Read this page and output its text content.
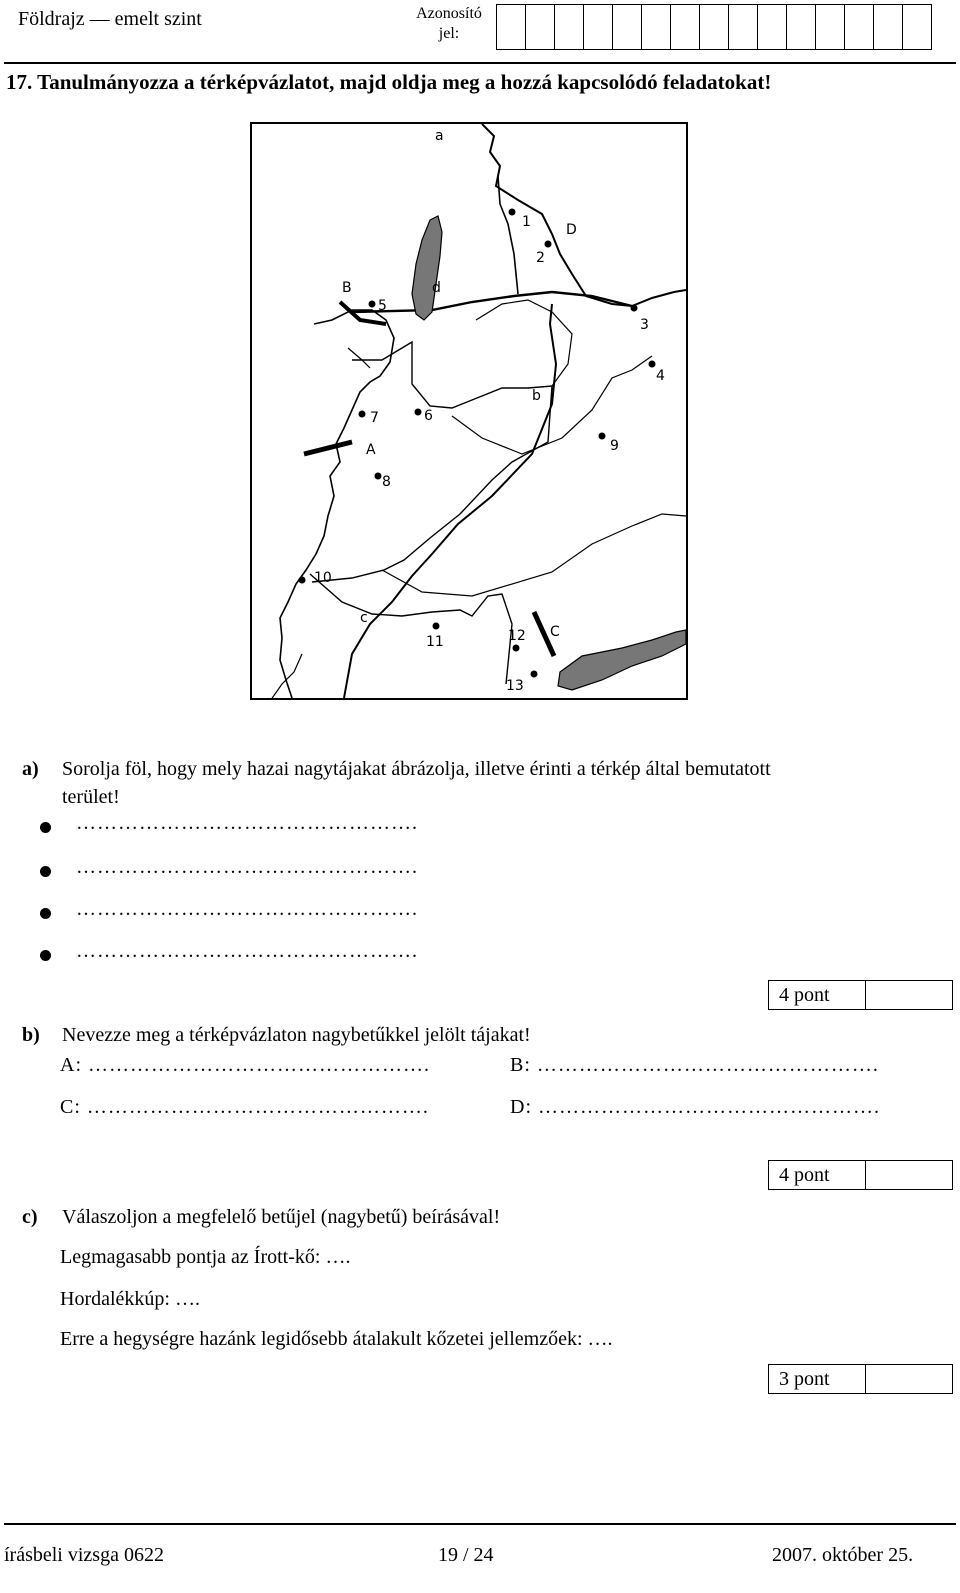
Földrajz — emelt szint	Azonosító jel:
17. Tanulmányozza a térképvázlatot, majd oldja meg a hozzá kapcsolódó feladatokat!
a
b
c
d
A
B
C
D
1
2
3
4
5
6
7
8
9
10
11	12
13
a) Sorolja föl, hogy mely hazai nagytájakat ábrázolja, illetve érinti a térkép által bemutatott
terület!
………………………………………….
………………………………………….
………………………………………….
………………………………………….
4 pont
b) Nevezze meg a térképvázlaton nagybetűkkel jelölt tájakat!
A: ………………………………………….	B: ………………………………………….
C: ………………………………………….	D: ………………………………………….
4 pont
c) Válaszoljon a megfelelő betűjel (nagybetű) beírásával!
Legmagasabb pontja az Írott-kő: ….
Hordalékkúp: ….
Erre a hegységre hazánk legidősebb átalakult kőzetei jellemzőek: ….
3 pont
írásbeli vizsga 0622	19 / 24	2007. október 25.
